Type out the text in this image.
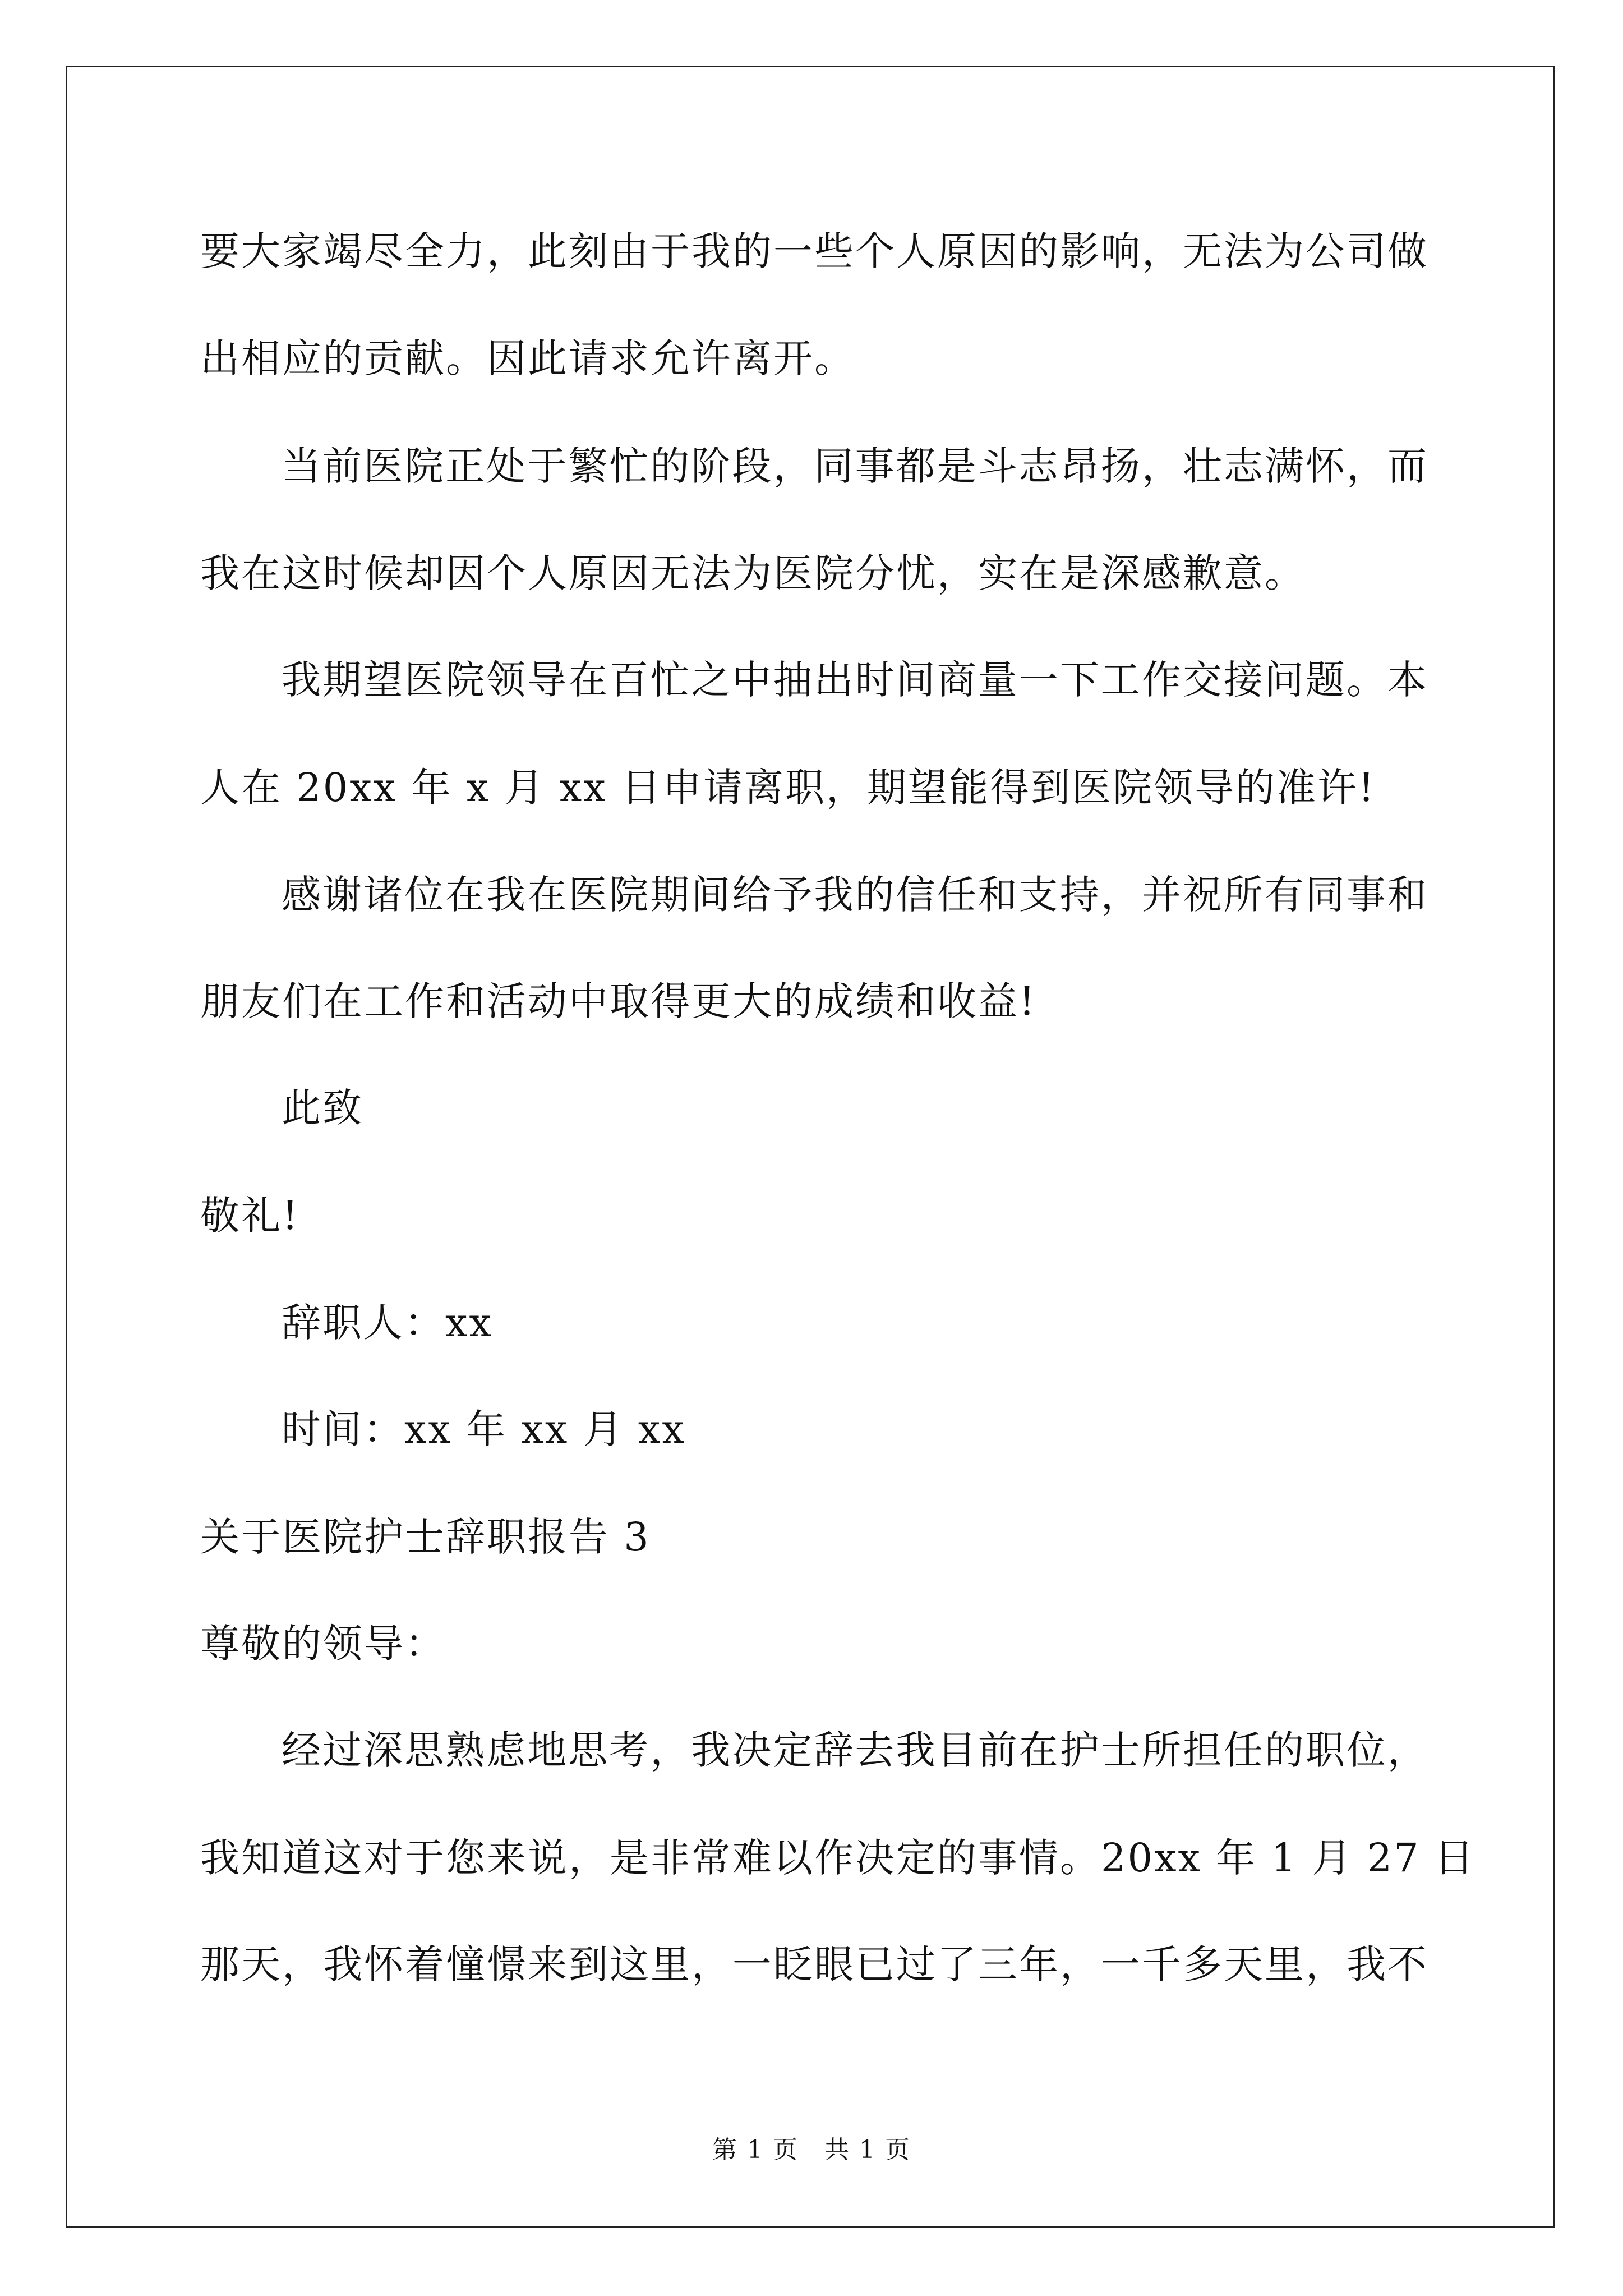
要大家竭尽全力，此刻由于我的一些个人原因的影响，无法为公司做
出相应的贡献。因此请求允许离开。
当前医院正处于繁忙的阶段，同事都是斗志昂扬，壮志满怀，而
我在这时候却因个人原因无法为医院分忧，实在是深感歉意。
我期望医院领导在百忙之中抽出时间商量一下工作交接问题。本
人在 20xx 年 x 月 xx 日申请离职，期望能得到医院领导的准许!
感谢诸位在我在医院期间给予我的信任和支持，并祝所有同事和
朋友们在工作和活动中取得更大的成绩和收益!
此致
敬礼!
辞职人：xx
时间：xx 年 xx 月 xx
关于医院护士辞职报告 3
尊敬的领导：
经过深思熟虑地思考，我决定辞去我目前在护士所担任的职位，
我知道这对于您来说，是非常难以作决定的事情。20xx 年 1 月 27 日
那天，我怀着憧憬来到这里，一眨眼已过了三年，一千多天里，我不
第 1 页　共 1 页
